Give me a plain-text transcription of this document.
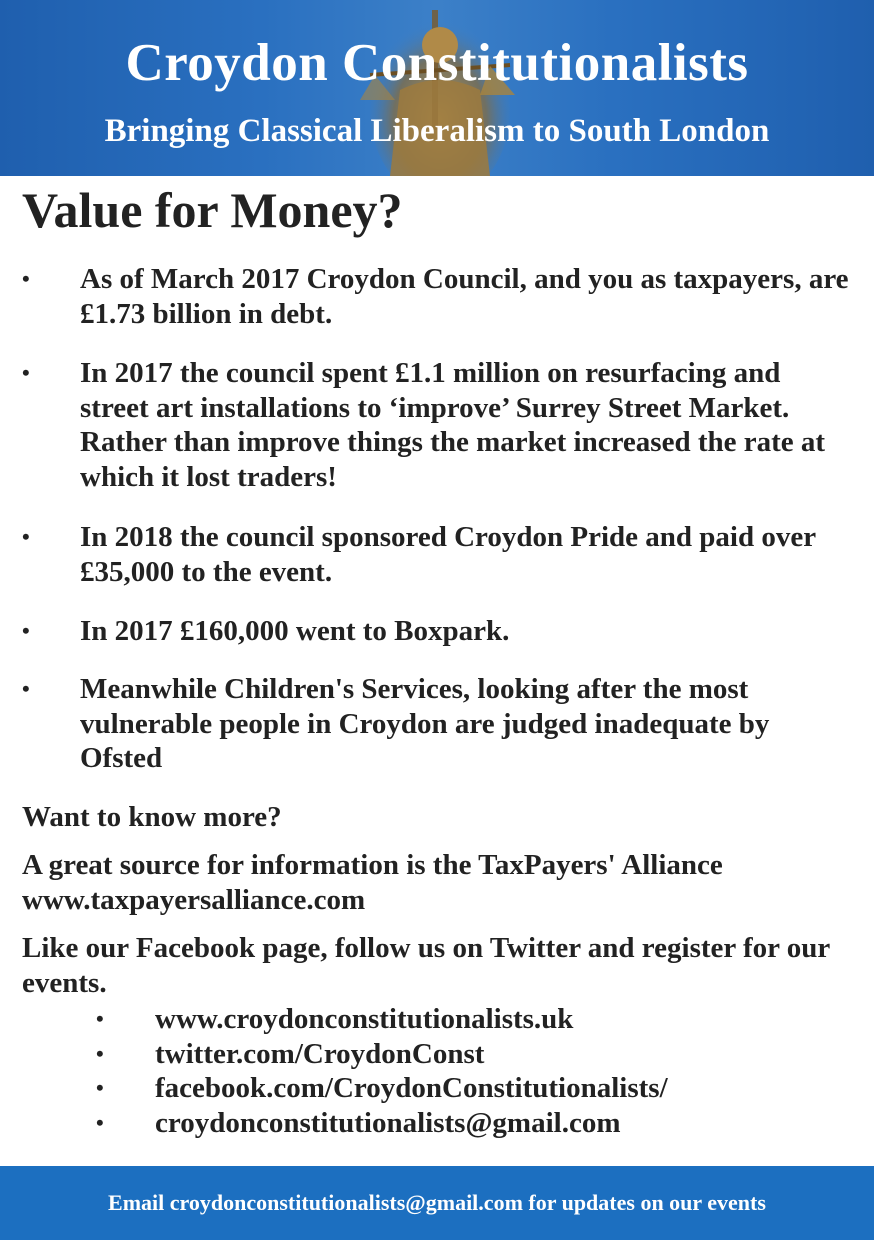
Croydon Constitutionalists
Bringing Classical Liberalism to South London
Value for Money?
• As of March 2017 Croydon Council, and you as taxpayers, are £1.73 billion in debt.
• In 2017 the council spent £1.1 million on resurfacing and street art installations to ‘improve’ Surrey Street Market. Rather than improve things the market increased the rate at which it lost traders!
• In 2018 the council sponsored Croydon Pride and paid over £35,000 to the event.
• In 2017 £160,000 went to Boxpark.
• Meanwhile Children's Services, looking after the most vulnerable people in Croydon are judged inadequate by Ofsted

Want to know more?

A great source for information is the TaxPayers' Alliance www.taxpayersalliance.com

Like our Facebook page, follow us on Twitter and register for our events.

• www.croydonconstitutionalists.uk
• twitter.com/CroydonConst
• facebook.com/CroydonConstitutionalists/
• croydonconstitutionalists@gmail.com
Email croydonconstitutionalists@gmail.com for updates on our events
